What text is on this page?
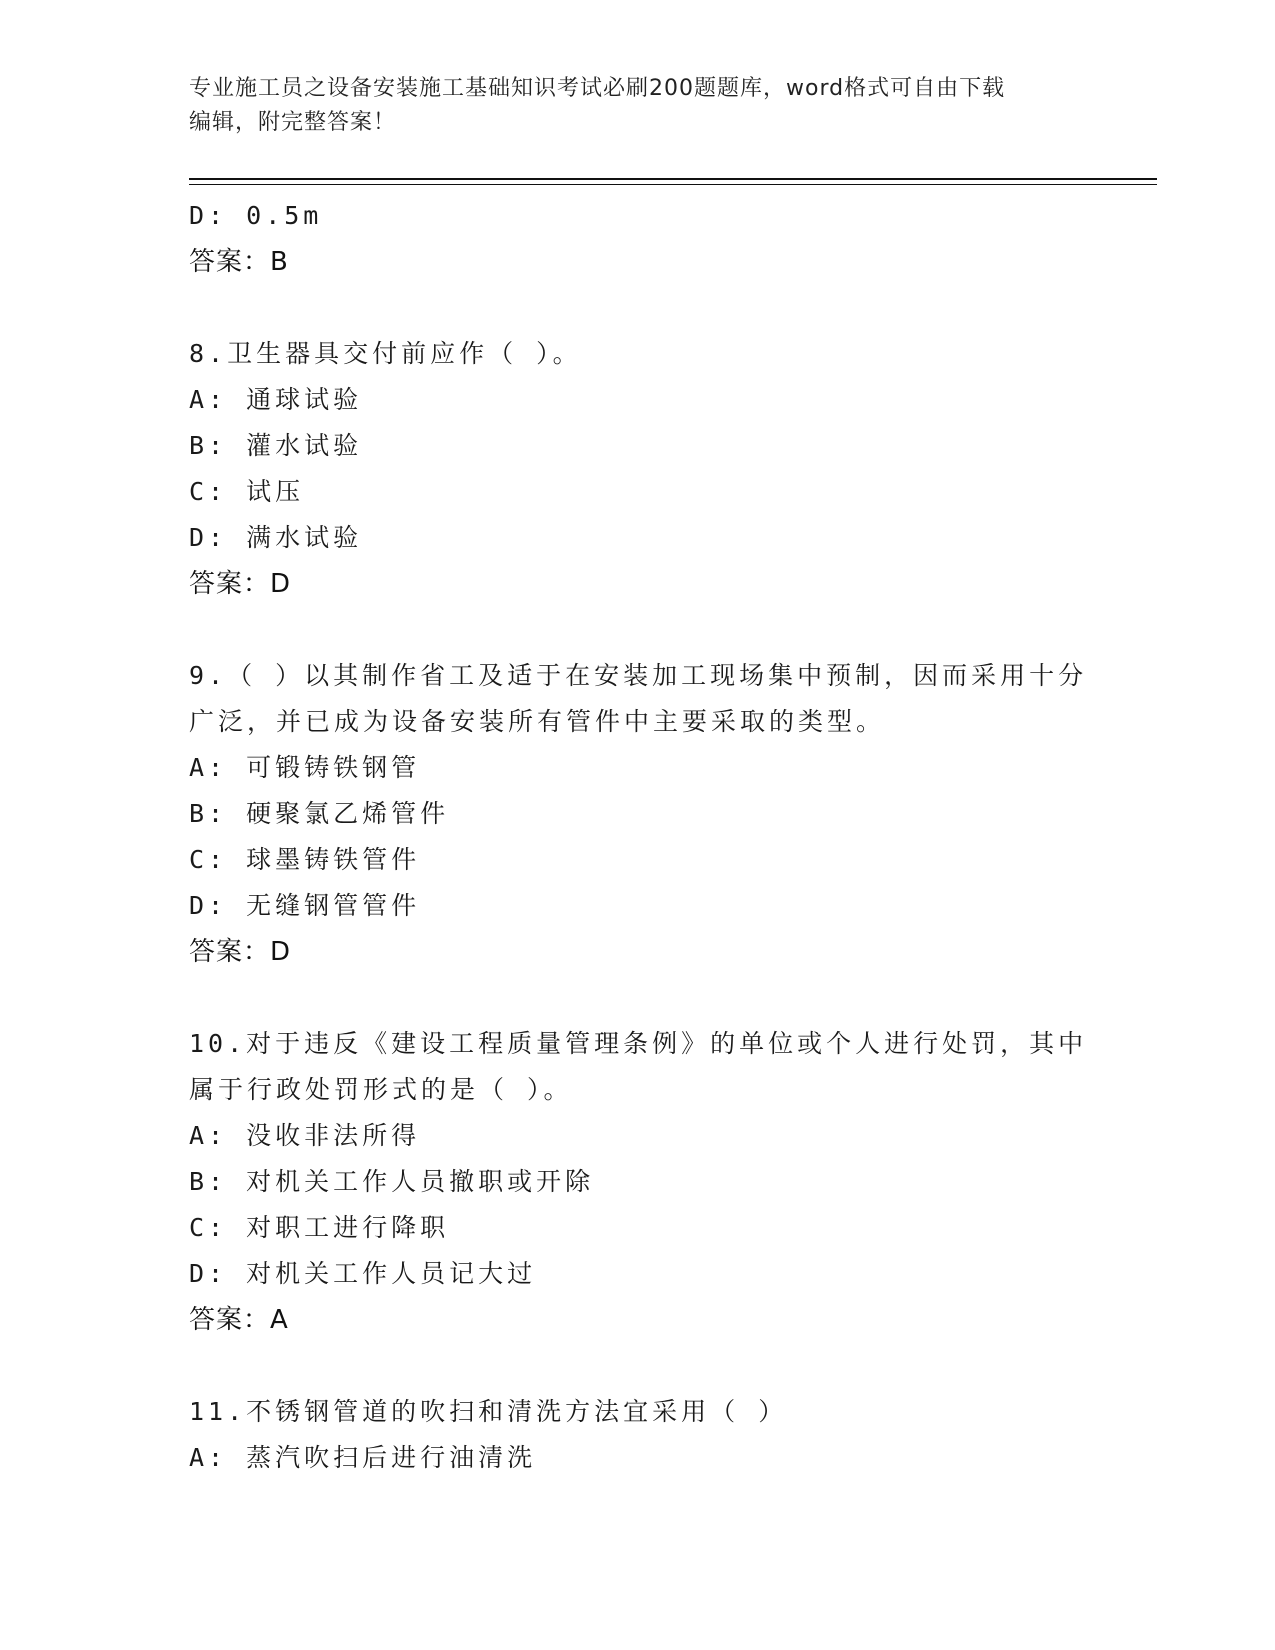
专业施工员之设备安装施工基础知识考试必刷200题题库，word格式可自由下载
编辑，附完整答案！
D: 0.5m
答案：B
8.卫生器具交付前应作（ ）。
A: 通球试验
B: 灌水试验
C: 试压
D: 满水试验
答案：D
9.（ ）以其制作省工及适于在安装加工现场集中预制，因而采用十分
广泛，并已成为设备安装所有管件中主要采取的类型。
A: 可锻铸铁钢管
B: 硬聚氯乙烯管件
C: 球墨铸铁管件
D: 无缝钢管管件
答案：D
10.对于违反《建设工程质量管理条例》的单位或个人进行处罚，其中
属于行政处罚形式的是（ ）。
A: 没收非法所得
B: 对机关工作人员撤职或开除
C: 对职工进行降职
D: 对机关工作人员记大过
答案：A
11.不锈钢管道的吹扫和清洗方法宜采用（ ）
A: 蒸汽吹扫后进行油清洗
